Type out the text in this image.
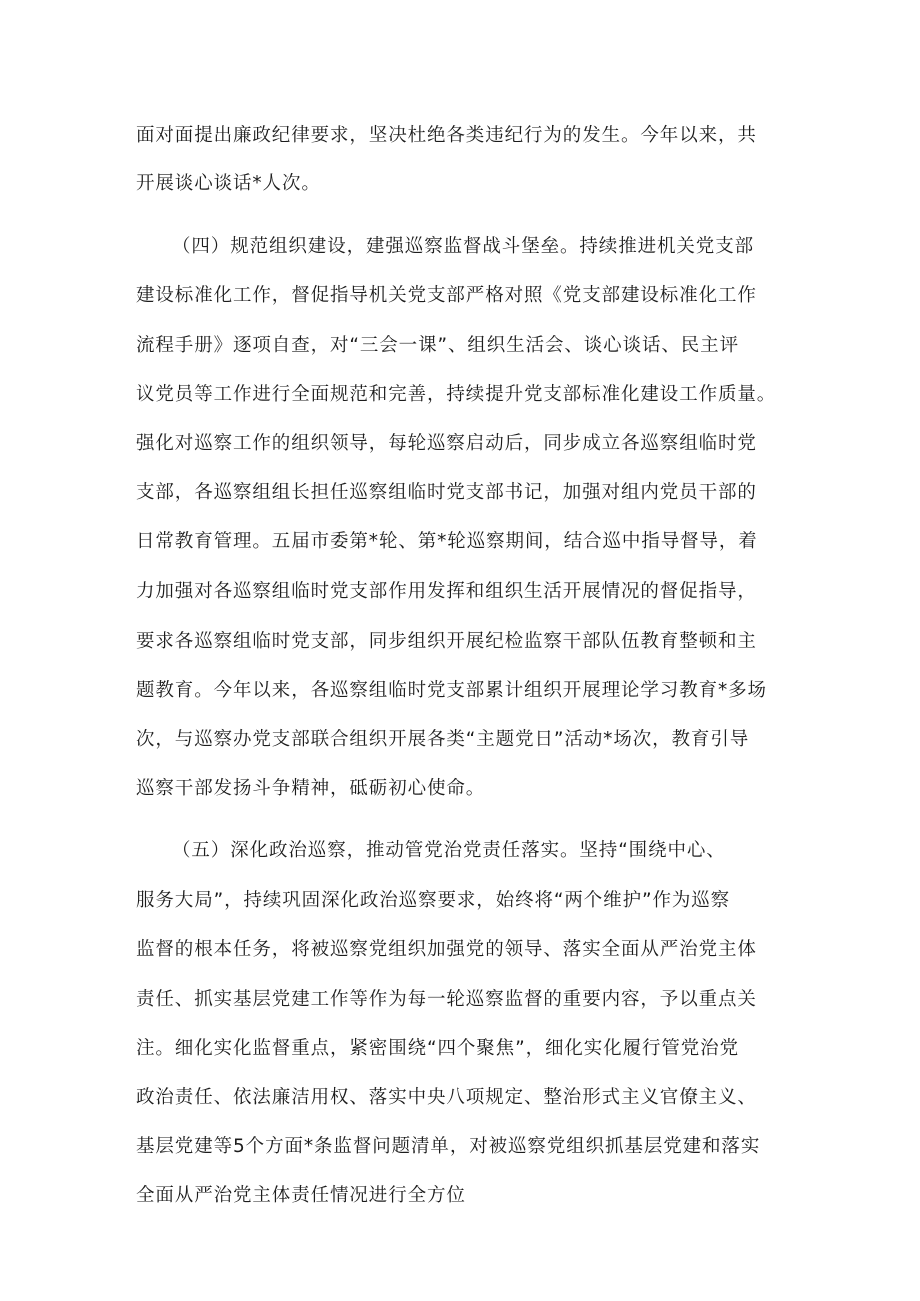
面对面提出廉政纪律要求，坚决杜绝各类违纪行为的发生。今年以来，共

开展谈心谈话*人次。

（四）规范组织建设，建强巡察监督战斗堡垒。持续推进机关党支部

建设标准化工作，督促指导机关党支部严格对照《党支部建设标准化工作

流程手册》逐项自查，对“三会一课”、组织生活会、谈心谈话、民主评

议党员等工作进行全面规范和完善，持续提升党支部标准化建设工作质量。

强化对巡察工作的组织领导，每轮巡察启动后，同步成立各巡察组临时党

支部，各巡察组组长担任巡察组临时党支部书记，加强对组内党员干部的

日常教育管理。五届市委第*轮、第*轮巡察期间，结合巡中指导督导，着

力加强对各巡察组临时党支部作用发挥和组织生活开展情况的督促指导，

要求各巡察组临时党支部，同步组织开展纪检监察干部队伍教育整顿和主

题教育。今年以来，各巡察组临时党支部累计组织开展理论学习教育*多场

次，与巡察办党支部联合组织开展各类“主题党日”活动*场次，教育引导

巡察干部发扬斗争精神，砥砺初心使命。

（五）深化政治巡察，推动管党治党责任落实。坚持“围绕中心、

服务大局”，持续巩固深化政治巡察要求，始终将“两个维护”作为巡察

监督的根本任务，将被巡察党组织加强党的领导、落实全面从严治党主体

责任、抓实基层党建工作等作为每一轮巡察监督的重要内容，予以重点关

注。细化实化监督重点，紧密围绕“四个聚焦”，细化实化履行管党治党

政治责任、依法廉洁用权、落实中央八项规定、整治形式主义官僚主义、

基层党建等5个方面*条监督问题清单，对被巡察党组织抓基层党建和落实

全面从严治党主体责任情况进行全方位
